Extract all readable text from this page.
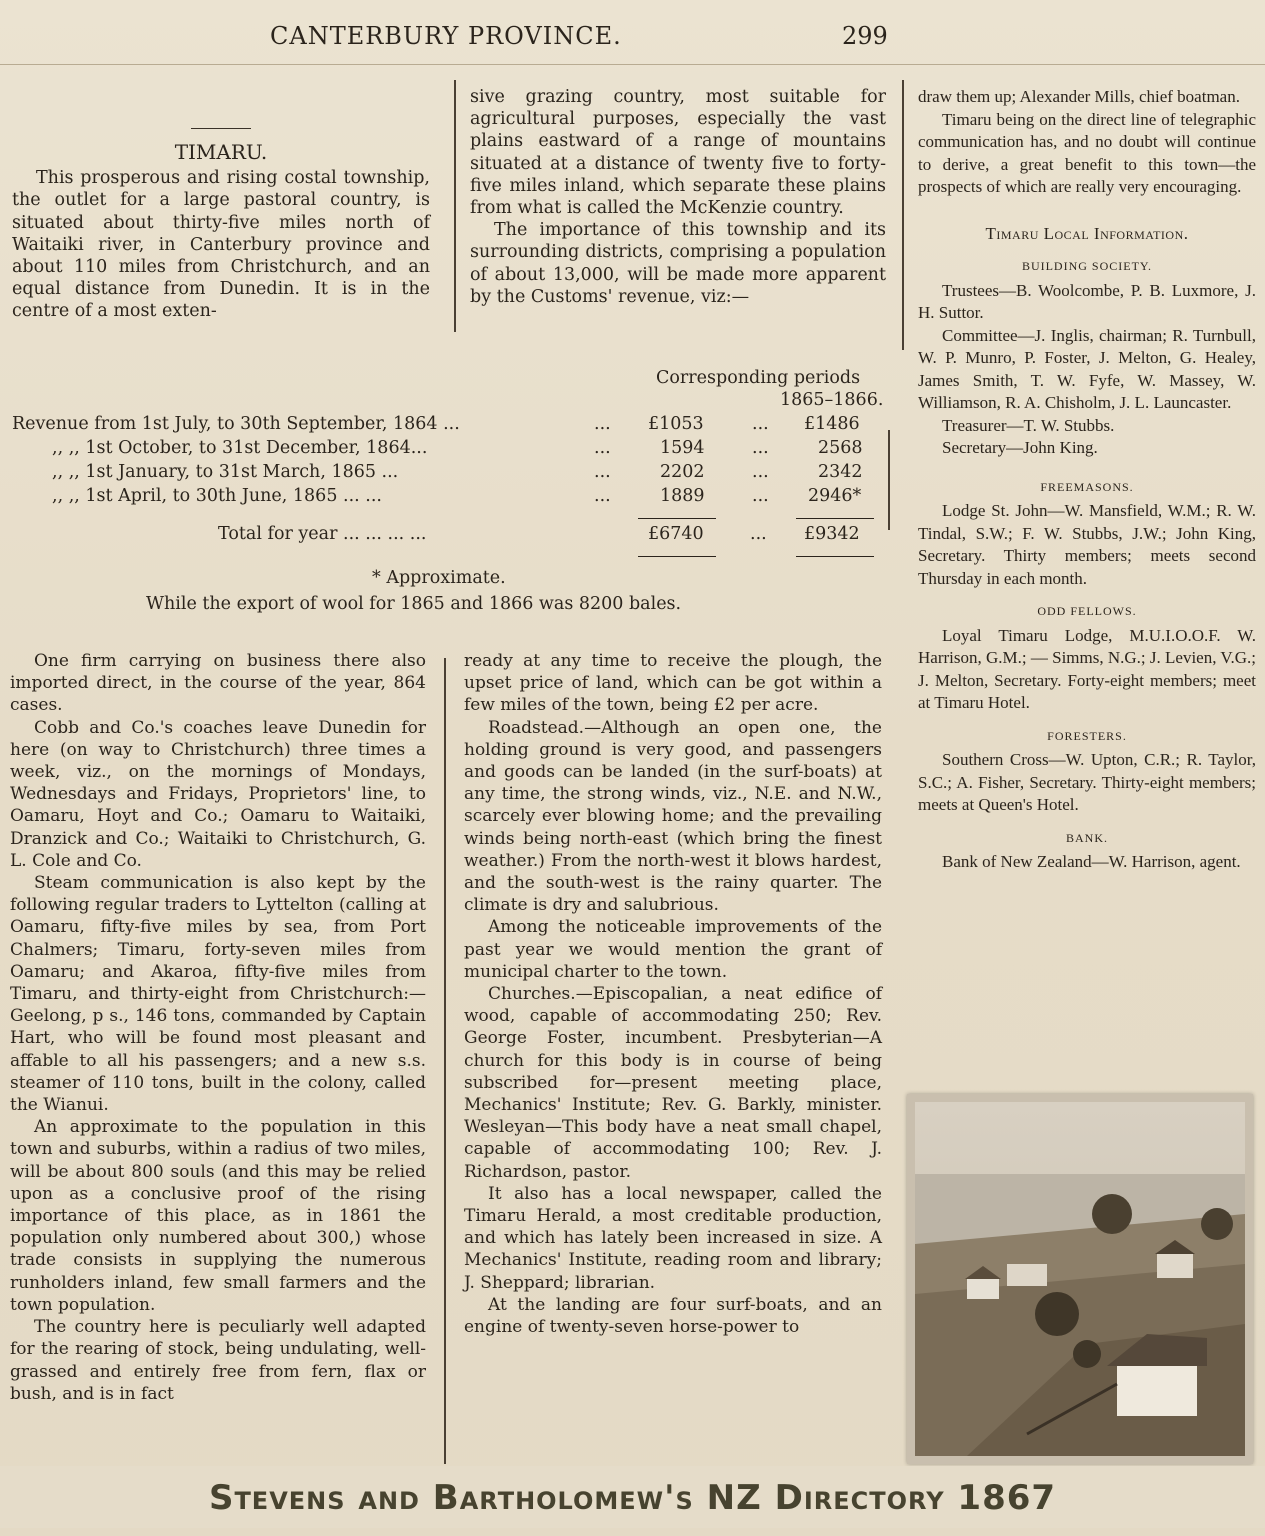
CANTERBURY PROVINCE.	299
TIMARU.

This prosperous and rising costal township, the outlet for a large pastoral country, is situated about thirty-five miles north of Waitaiki river, in Canterbury province and about 110 miles from Christchurch, and an equal distance from Dunedin. It is in the centre of a most exten-

sive grazing country, most suitable for agricultural purposes, especially the vast plains eastward of a range of mountains situated at a distance of twenty five to forty-five miles inland, which separate these plains from what is called the McKenzie country.

The importance of this township and its surrounding districts, comprising a population of about 13,000, will be made more apparent by the Customs' revenue, viz:—

Corresponding periods
1865–1866.
Revenue from 1st July, to 30th September, 1864 ...	... £1053	... £1486
,, ,, 1st October, to 31st December, 1864...	...	1594	...	2568
,, ,, 1st January, to 31st March, 1865 ...	...	2202	...	2342
,, ,, 1st April, to 30th June, 1865 ... ...	...	1889	... 2946*
Total for year ... ... ... ...	£6740	... £9342
* Approximate.
While the export of wool for 1865 and 1866 was 8200 bales.

One firm carrying on business there also imported direct, in the course of the year, 864 cases.

Cobb and Co.'s coaches leave Dunedin for here (on way to Christchurch) three times a week, viz., on the mornings of Mondays, Wednesdays and Fridays, Proprietors' line, to Oamaru, Hoyt and Co.; Oamaru to Waitaiki, Dranzick and Co.; Waitaiki to Christchurch, G. L. Cole and Co.

Steam communication is also kept by the following regular traders to Lyttelton (calling at Oamaru, fifty-five miles by sea, from Port Chalmers; Timaru, forty-seven miles from Oamaru; and Akaroa, fifty-five miles from Timaru, and thirty-eight from Christchurch:—Geelong, p s., 146 tons, commanded by Captain Hart, who will be found most pleasant and affable to all his passengers; and a new s.s. steamer of 110 tons, built in the colony, called the Wianui.

An approximate to the population in this town and suburbs, within a radius of two miles, will be about 800 souls (and this may be relied upon as a conclusive proof of the rising importance of this place, as in 1861 the population only numbered about 300,) whose trade consists in supplying the numerous runholders inland, few small farmers and the town population.

The country here is peculiarly well adapted for the rearing of stock, being undulating, well-grassed and entirely free from fern, flax or bush, and is in fact

ready at any time to receive the plough, the upset price of land, which can be got within a few miles of the town, being £2 per acre.

Roadstead.—Although an open one, the holding ground is very good, and passengers and goods can be landed (in the surf-boats) at any time, the strong winds, viz., N.E. and N.W., scarcely ever blowing home; and the prevailing winds being north-east (which bring the finest weather.) From the north-west it blows hardest, and the south-west is the rainy quarter. The climate is dry and salubrious.

Among the noticeable improvements of the past year we would mention the grant of municipal charter to the town.

Churches.—Episcopalian, a neat edifice of wood, capable of accommodating 250; Rev. George Foster, incumbent. Presbyterian—A church for this body is in course of being subscribed for—present meeting place, Mechanics' Institute; Rev. G. Barkly, minister. Wesleyan—This body have a neat small chapel, capable of accommodating 100; Rev. J. Richardson, pastor.

It also has a local newspaper, called the Timaru Herald, a most creditable production, and which has lately been increased in size. A Mechanics' Institute, reading room and library; J. Sheppard; librarian.

At the landing are four surf-boats, and an engine of twenty-seven horse-power to

draw them up; Alexander Mills, chief boatman.

Timaru being on the direct line of telegraphic communication has, and no doubt will continue to derive, a great benefit to this town—the prospects of which are really very encouraging.

Timaru Local Information.
BUILDING SOCIETY.

Trustees—B. Woolcombe, P. B. Luxmore, J. H. Suttor.

Committee—J. Inglis, chairman; R. Turnbull, W. P. Munro, P. Foster, J. Melton, G. Healey, James Smith, T. W. Fyfe, W. Massey, W. Williamson, R. A. Chisholm, J. L. Launcaster.

Treasurer—T. W. Stubbs.

Secretary—John King.

FREEMASONS.

Lodge St. John—W. Mansfield, W.M.; R. W. Tindal, S.W.; F. W. Stubbs, J.W.; John King, Secretary. Thirty members; meets second Thursday in each month.

ODD FELLOWS.

Loyal Timaru Lodge, M.U.I.O.O.F. W. Harrison, G.M.; — Simms, N.G.; J. Levien, V.G.; J. Melton, Secretary. Forty-eight members; meet at Timaru Hotel.

FORESTERS.

Southern Cross—W. Upton, C.R.; R. Taylor, S.C.; A. Fisher, Secretary. Thirty-eight members; meets at Queen's Hotel.

BANK.

Bank of New Zealand—W. Harrison, agent.

Stevens and Bartholomew's NZ Directory 1867
